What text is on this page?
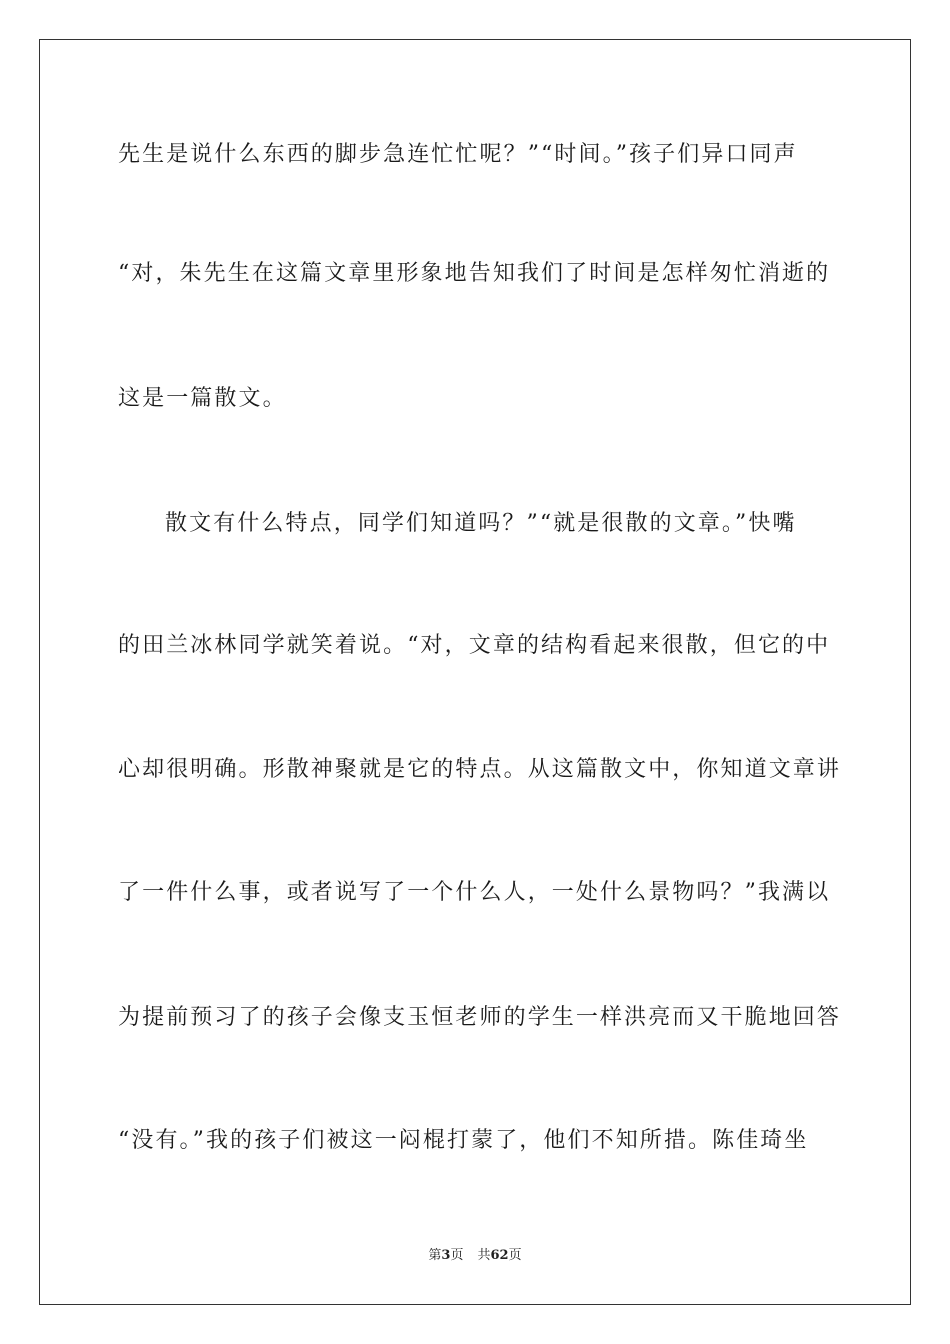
先生是说什么东西的脚步急连忙忙呢？”“时间。”孩子们异口同声
“对，朱先生在这篇文章里形象地告知我们了时间是怎样匆忙消逝的
这是一篇散文。
散文有什么特点，同学们知道吗？”“就是很散的文章。”快嘴
的田兰冰林同学就笑着说。“对，文章的结构看起来很散，但它的中
心却很明确。形散神聚就是它的特点。从这篇散文中，你知道文章讲
了一件什么事，或者说写了一个什么人，一处什么景物吗？”我满以
为提前预习了的孩子会像支玉恒老师的学生一样洪亮而又干脆地回答
“没有。”我的孩子们被这一闷棍打蒙了，他们不知所措。陈佳琦坐
第3页 共62页
